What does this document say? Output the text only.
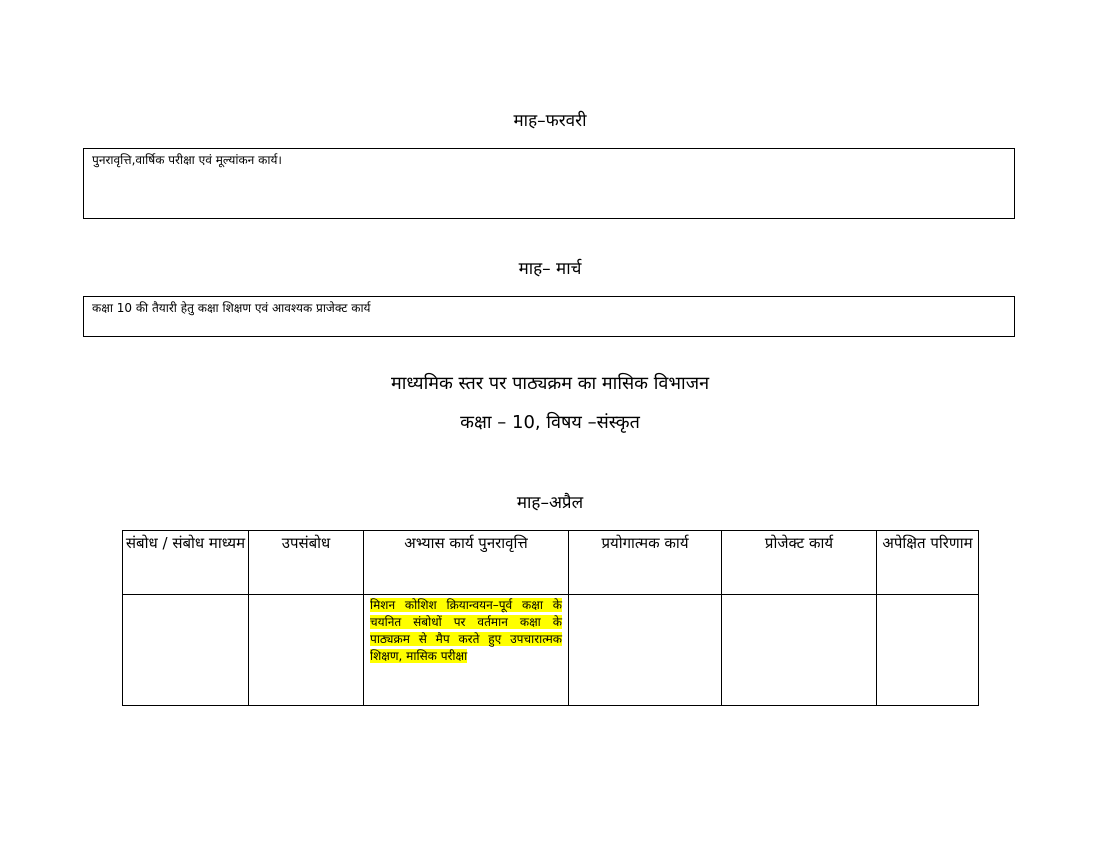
माह–फरवरी
पुनरावृत्ति,वार्षिक परीक्षा एवं मूल्यांकन कार्य।
माह– मार्च
कक्षा 10 की तैयारी हेतु कक्षा शिक्षण एवं आवश्यक प्राजेक्ट कार्य
माध्यमिक स्तर पर पाठ्यक्रम का मासिक विभाजन
कक्षा – 10, विषय –संस्कृत
माह–अप्रैल
संबोध / संबोध माध्यम	उपसंबोध	अभ्यास कार्य पुनरावृत्ति	प्रयोगात्मक कार्य	प्रोजेक्ट कार्य	अपेक्षित परिणाम

		मिशन कोशिश क्रियान्वयन–पूर्व कक्षा के चयनित संबोधों पर वर्तमान कक्षा के पाठ्यक्रम से मैप करते हुए उपचारात्मक शिक्षण, मासिक परीक्षा			
